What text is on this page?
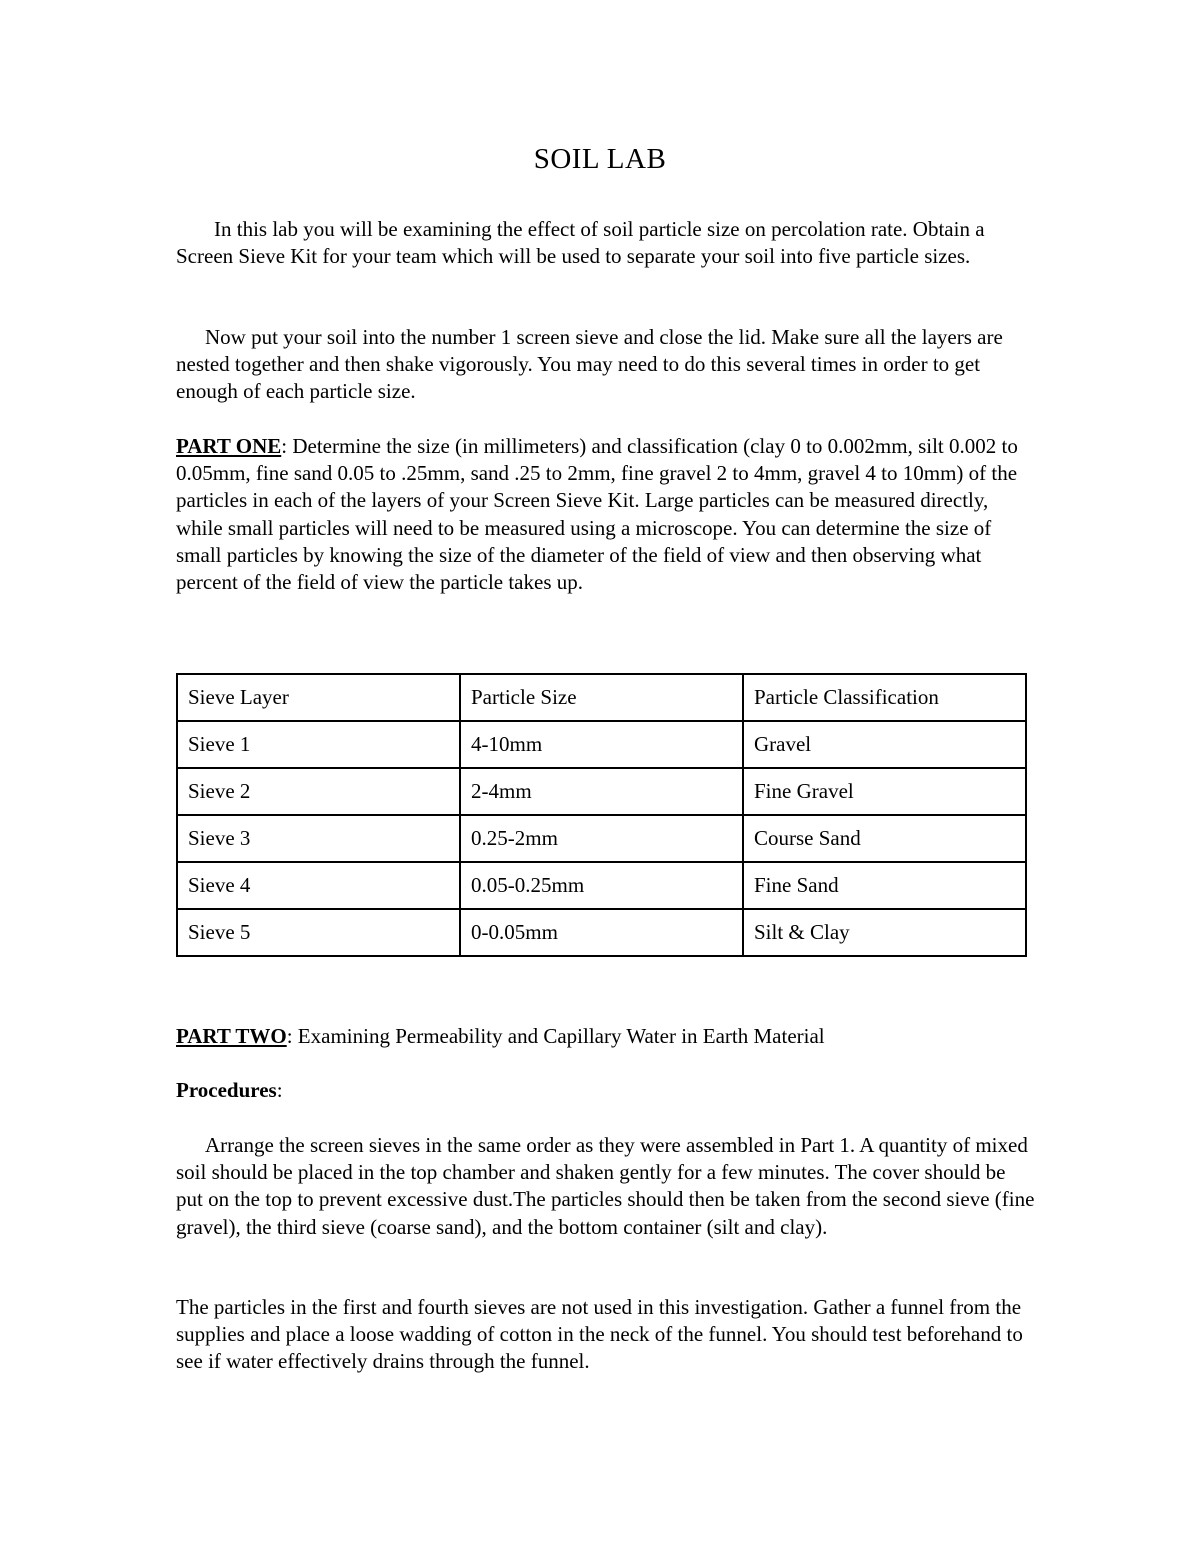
SOIL LAB

In this lab you will be examining the effect of soil particle size on percolation rate. Obtain a Screen Sieve Kit for your team which will be used to separate your soil into five particle sizes.

Now put your soil into the number 1 screen sieve and close the lid. Make sure all the layers are nested together and then shake vigorously. You may need to do this several times in order to get enough of each particle size.

PART ONE: Determine the size (in millimeters) and classification (clay 0 to 0.002mm, silt 0.002 to 0.05mm, fine sand 0.05 to .25mm, sand .25 to 2mm, fine gravel 2 to 4mm, gravel 4 to 10mm) of the particles in each of the layers of your Screen Sieve Kit. Large particles can be measured directly, while small particles will need to be measured using a microscope. You can determine the size of small particles by knowing the size of the diameter of the field of view and then observing what percent of the field of view the particle takes up.

Sieve Layer	Particle Size	Particle Classification
Sieve 1	4-10mm	Gravel
Sieve 2	2-4mm	Fine Gravel
Sieve 3	0.25-2mm	Course Sand
Sieve 4	0.05-0.25mm	Fine Sand
Sieve 5	0-0.05mm	Silt & Clay

PART TWO: Examining Permeability and Capillary Water in Earth Material

Procedures:

Arrange the screen sieves in the same order as they were assembled in Part 1. A quantity of mixed soil should be placed in the top chamber and shaken gently for a few minutes. The cover should be put on the top to prevent excessive dust.The particles should then be taken from the second sieve (fine gravel), the third sieve (coarse sand), and the bottom container (silt and clay).

The particles in the first and fourth sieves are not used in this investigation. Gather a funnel from the supplies and place a loose wadding of cotton in the neck of the funnel. You should test beforehand to see if water effectively drains through the funnel.
